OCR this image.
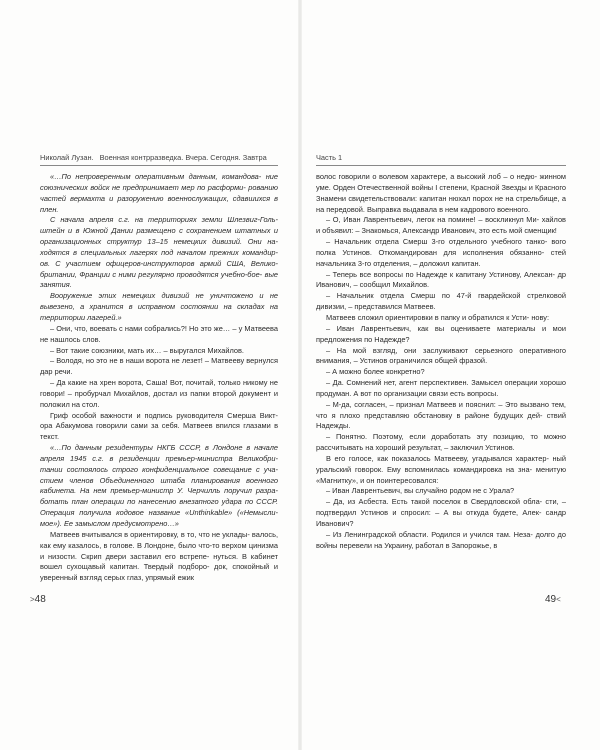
Николай Лузан. Военная контрразведка. Вчера. Сегодня. Завтра	Часть 1

«…По непроверенным оперативным данным, командова- ние союзнических войск не предпринимает мер по расформи- рованию частей вермахта и разоружению военнослужащих, сдавшихся в плен.

С начала апреля с.г. на территориях земли Шлезвиг-Голь- штейн и в Южной Дании размещено с сохранением штатных и организационных структур 13–15 немецких дивизий. Они на- ходятся в специальных лагерях под началом прежних командир- ов. С участием офицеров-инструкторов армий США, Велико- британии, Франции с ними регулярно проводятся учебно-бое- вые занятия.

Вооружение этих немецких дивизий не уничтожено и не вывезено, а хранится в исправном состоянии на складах на территории лагерей.»

– Они, что, воевать с нами собрались?! Но это же… – у Матвеева не нашлось слов.

– Вот такие союзники, мать их… – выругался Михайлов.

– Володя, но это не в наши ворота не лезет! – Матвееву вернулся дар речи.

– Да какие на хрен ворота, Саша! Вот, почитай, только никому не говори! – пробурчал Михайлов, достал из папки второй документ и положил на стол.

Гриф особой важности и подпись руководителя Смерша Викт- ора Абакумова говорили сами за себя. Матвеев впился глазами в текст.

«…По данным резидентуры НКГБ СССР, в Лондоне в начале апреля 1945 с.г. в резиденции премьер-министра Великобри- тании состоялось строго конфиденциальное совещание с уча- стием членов Объединенного штаба планирования военного кабинета. На нем премьер-министр У. Черчилль поручил разра- ботать план операции по нанесению внезапного удара по СССР. Операция получила кодовое название «Unthinkable» («Немысли- мое»). Ее замыслом предусмотрено…»

Матвеев вчитывался в ориентировку, в то, что не уклады- валось, как ему казалось, в голове. В Лондоне, было что-то верхом цинизма и низости. Скрип двери заставил его встрепе- нуться. В кабинет вошел сухощавый капитан. Твердый подборо- док, спокойный и уверенный взгляд серых глаз, упрямый ежик

волос говорили о волевом характере, а высокий лоб – о недю- жинном уме. Орден Отечественной войны I степени, Красной Звезды и Красного Знамени свидетельствовали: капитан нюхал порох не на стрельбище, а на передовой. Выправка выдавала в нем кадрового военного.

– О, Иван Лаврентьевич, легок на помине! – воскликнул Ми- хайлов и объявил: – Знакомься, Александр Иванович, это есть мой сменщик!

– Начальник отдела Смерш 3-го отдельного учебного танко- вого полка Устинов. Откомандирован для исполнения обязанно- стей начальника 3-го отделения, – доложил капитан.

– Теперь все вопросы по Надежде к капитану Устинову, Алексан- др Иванович, – сообщил Михайлов.

– Начальник отдела Смерш по 47-й гвардейской стрелковой дивизии, – представился Матвеев.

Матвеев сложил ориентировки в папку и обратился к Усти- нову:

– Иван Лаврентьевич, как вы оцениваете материалы и мои предложения по Надежде?

– На мой взгляд, они заслуживают серьезного оперативного внимания, – Устинов ограничился общей фразой.

– А можно более конкретно?

– Да. Сомнений нет, агент перспективен. Замысел операции хорошо продуман. А вот по организации связи есть вопросы.

– М-да, согласен, – признал Матвеев и пояснил: – Это вызвано тем, что я плохо представляю обстановку в районе будущих дей- ствий Надежды.

– Понятно. Поэтому, если доработать эту позицию, то можно рассчитывать на хороший результат, – заключил Устинов.

В его голосе, как показалось Матвееву, угадывался характер- ный уральский говорок. Ему вспомнилась командировка на зна- менитую «Магнитку», и он поинтересовался:

– Иван Лаврентьевич, вы случайно родом не с Урала?

– Да, из Асбеста. Есть такой поселок в Свердловской обла- сти, – подтвердил Устинов и спросил: – А вы откуда будете, Алек- сандр Иванович?

– Из Ленинградской области. Родился и учился там. Неза- долго до войны перевели на Украину, работал в Запорожье, в

>48	49<
